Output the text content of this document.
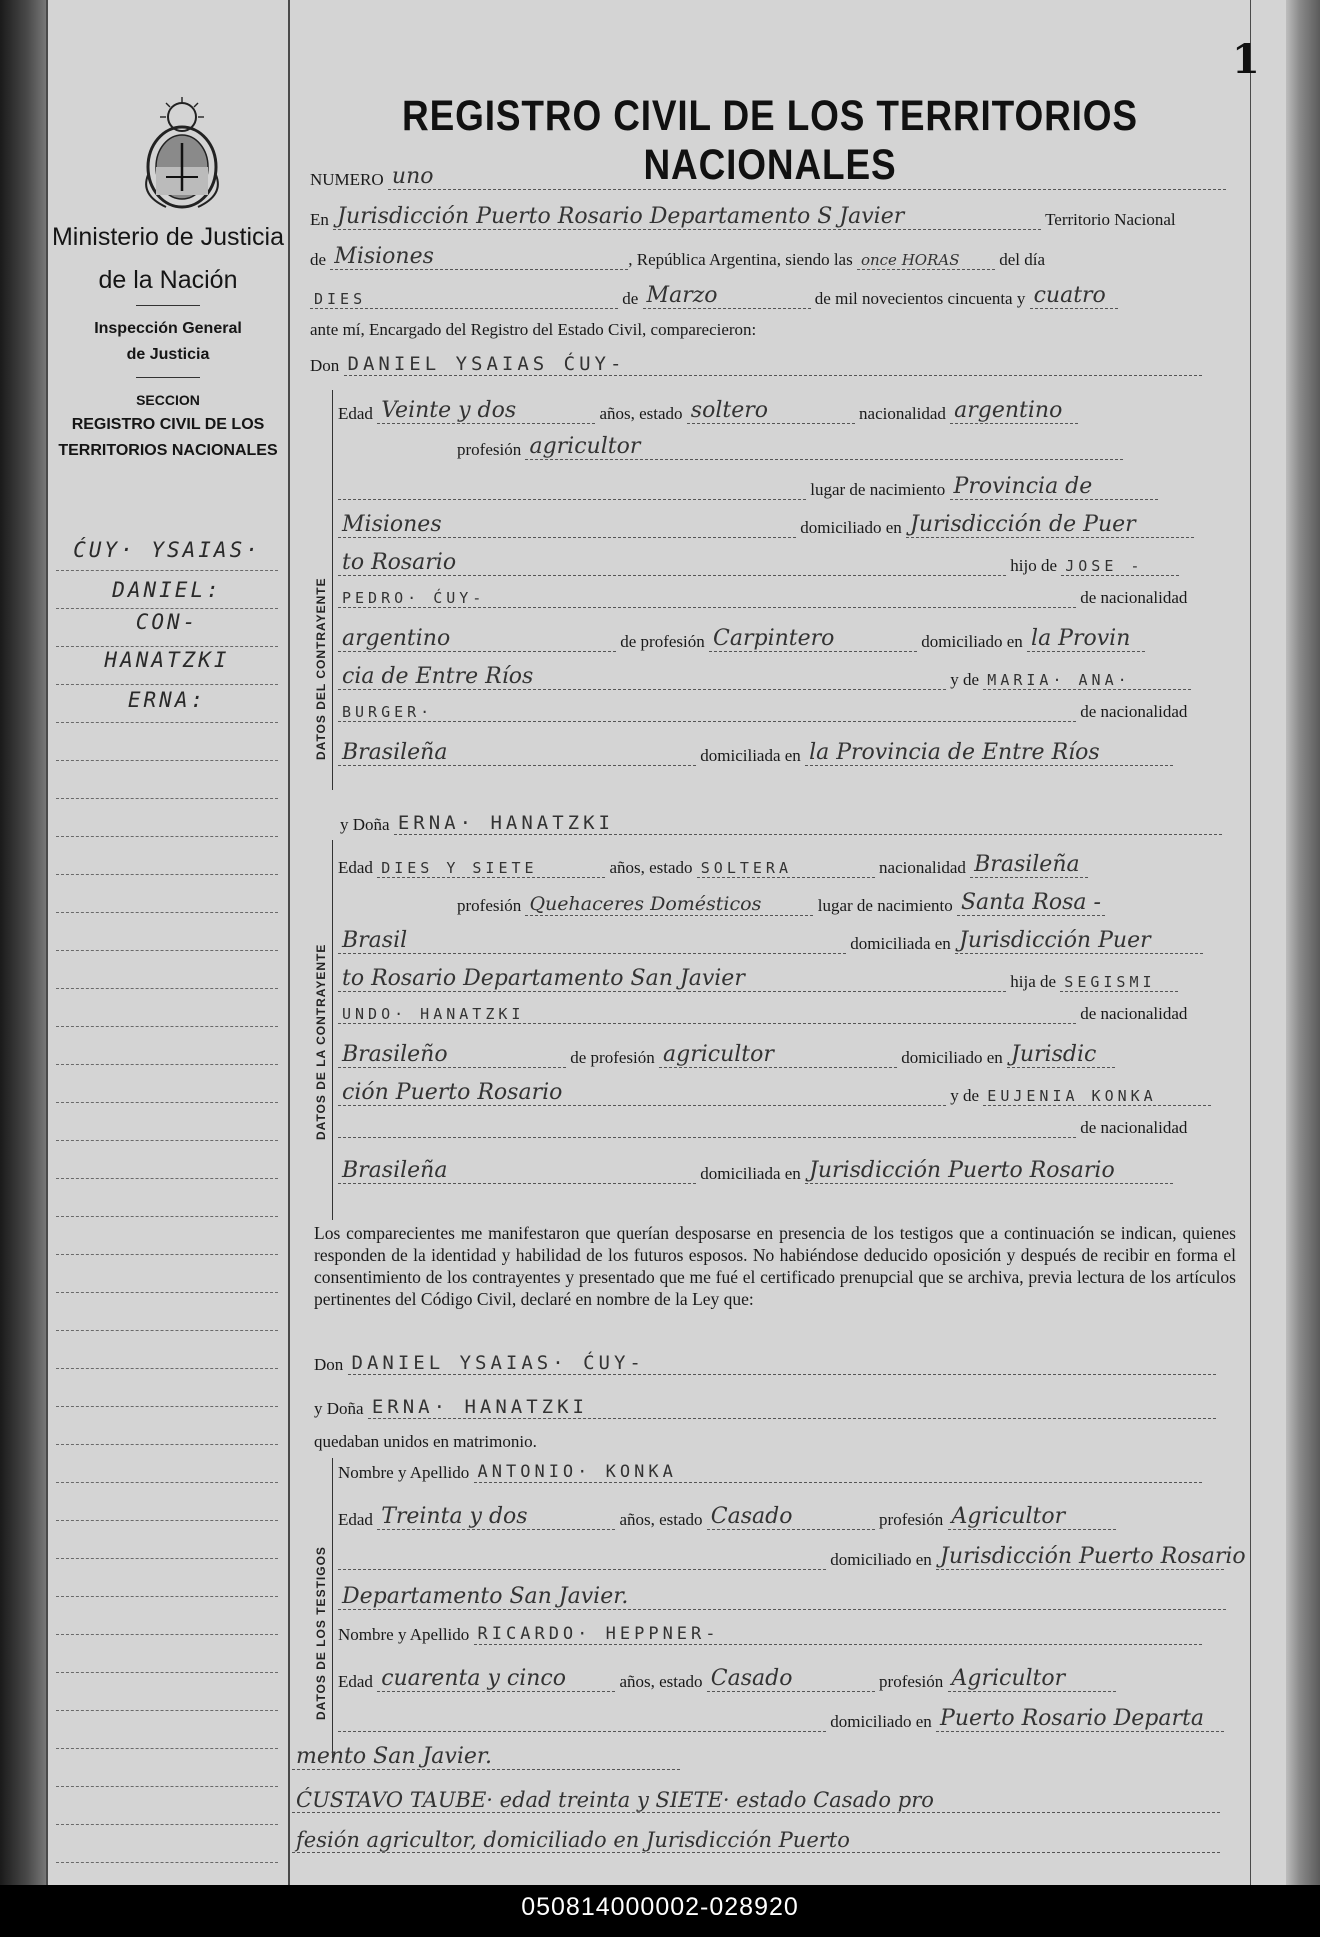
Ministerio de Justicia
de la Nación
Inspección General
de Justicia
SECCION
REGISTRO CIVIL DE LOS
TERRITORIOS NACIONALES
ĆUY· YSAIAS·
DANIEL:
CON-
HANATZKI
ERNA:
1
REGISTRO CIVIL DE LOS TERRITORIOS NACIONALES
NUMERO uno
En Jurisdicción Puerto Rosario Departamento S Javier	Territorio Nacional
de Misiones	, República Argentina, siendo las once HORAS del día
DIES	de Marzo	de mil novecientos cincuenta y cuatro
ante mí, Encargado del Registro del Estado Civil, comparecieron:
Don DANIEL YSAIAS ĆUY-
DATOS DEL CONTRAYENTE
Edad Veinte y dos	años, estado soltero	nacionalidad argentino
profesión agricultor
lugar de nacimiento Provincia de
Misiones	domiciliado en Jurisdicción de Puer
to Rosario	hijo de JOSE -
PEDRO· ĆUY-	de nacionalidad
argentino	de profesión Carpintero	domiciliado en la Provin
cia de Entre Ríos	y de MARIA· ANA·
BURGER·	de nacionalidad
Brasileña	domiciliada en la Provincia de Entre Ríos
y Doña ERNA· HANATZKI
DATOS DE LA CONTRAYENTE
Edad DIES Y SIETE	años, estado SOLTERA	nacionalidad Brasileña
profesión Quehaceres Domésticos	lugar de nacimiento Santa Rosa -
Brasil	domiciliada en Jurisdicción Puer
to Rosario Departamento San Javier	hija de SEGISMI
UNDO· HANATZKI	de nacionalidad
Brasileño	de profesión agricultor	domiciliado en Jurisdic
ción Puerto Rosario	y de EUJENIA KONKA
de nacionalidad
Brasileña	domiciliada en Jurisdicción Puerto Rosario
Los comparecientes me manifestaron que querían desposarse en presencia de los testigos que a continuación se indican, quienes responden de la identidad y habilidad de los futuros esposos. No habiéndose deducido oposición y después de recibir en forma el consentimiento de los contrayentes y presentado que me fué el certificado prenupcial que se archiva, previa lectura de los artículos pertinentes del Código Civil, declaré en nombre de la Ley que:
Don DANIEL YSAIAS· ĆUY-
y Doña ERNA· HANATZKI
quedaban unidos en matrimonio.
DATOS DE LOS TESTIGOS
Nombre y Apellido ANTONIO· KONKA
Edad Treinta y dos	años, estado Casado	profesión Agricultor
domiciliado en Jurisdicción Puerto Rosario
Departamento San Javier.
Nombre y Apellido RICARDO· HEPPNER-
Edad cuarenta y cinco	años, estado Casado	profesión Agricultor
domiciliado en Puerto Rosario Departa
mento San Javier.
ĆUSTAVO TAUBE· edad treinta y SIETE· estado Casado pro
fesión agricultor, domiciliado en Jurisdicción Puerto
050814000002-028920
